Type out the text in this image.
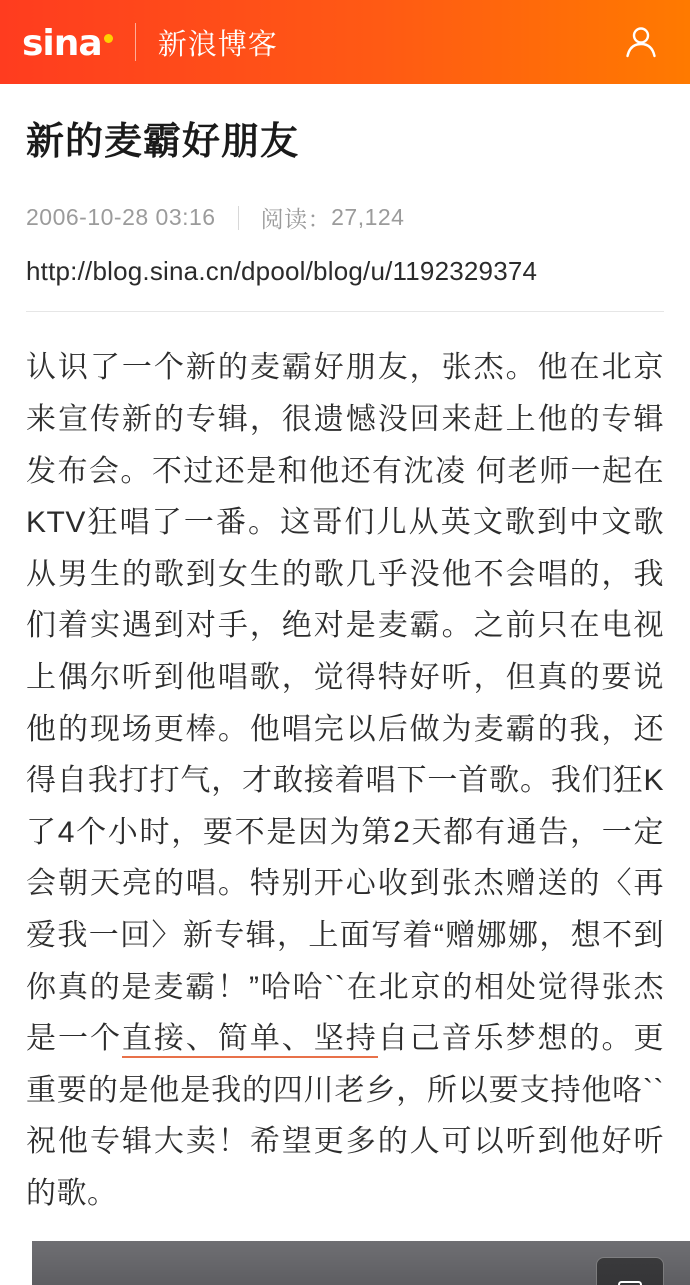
sina	新浪博客
新的麦霸好朋友
2006-10-28 03:16 阅读： 27,124
http://blog.sina.cn/dpool/blog/u/1192329374
认识了一个新的麦霸好朋友，张杰。他在北京来宣传新的专辑，很遗憾没回来赶上他的专辑发布会。不过还是和他还有沈凌 何老师一起在KTV狂唱了一番。这哥们儿从英文歌到中文歌从男生的歌到女生的歌几乎没他不会唱的，我们着实遇到对手，绝对是麦霸。之前只在电视上偶尔听到他唱歌，觉得特好听，但真的要说他的现场更棒。他唱完以后做为麦霸的我，还得自我打打气，才敢接着唱下一首歌。我们狂K了4个小时，要不是因为第2天都有通告，一定会朝天亮的唱。特别开心收到张杰赠送的〈再爱我一回〉新专辑，上面写着“赠娜娜，想不到你真的是麦霸！”哈哈``在北京的相处觉得张杰是一个直接、简单、坚持自己音乐梦想的。更重要的是他是我的四川老乡，所以要支持他咯``祝他专辑大卖！希望更多的人可以听到他好听的歌。
